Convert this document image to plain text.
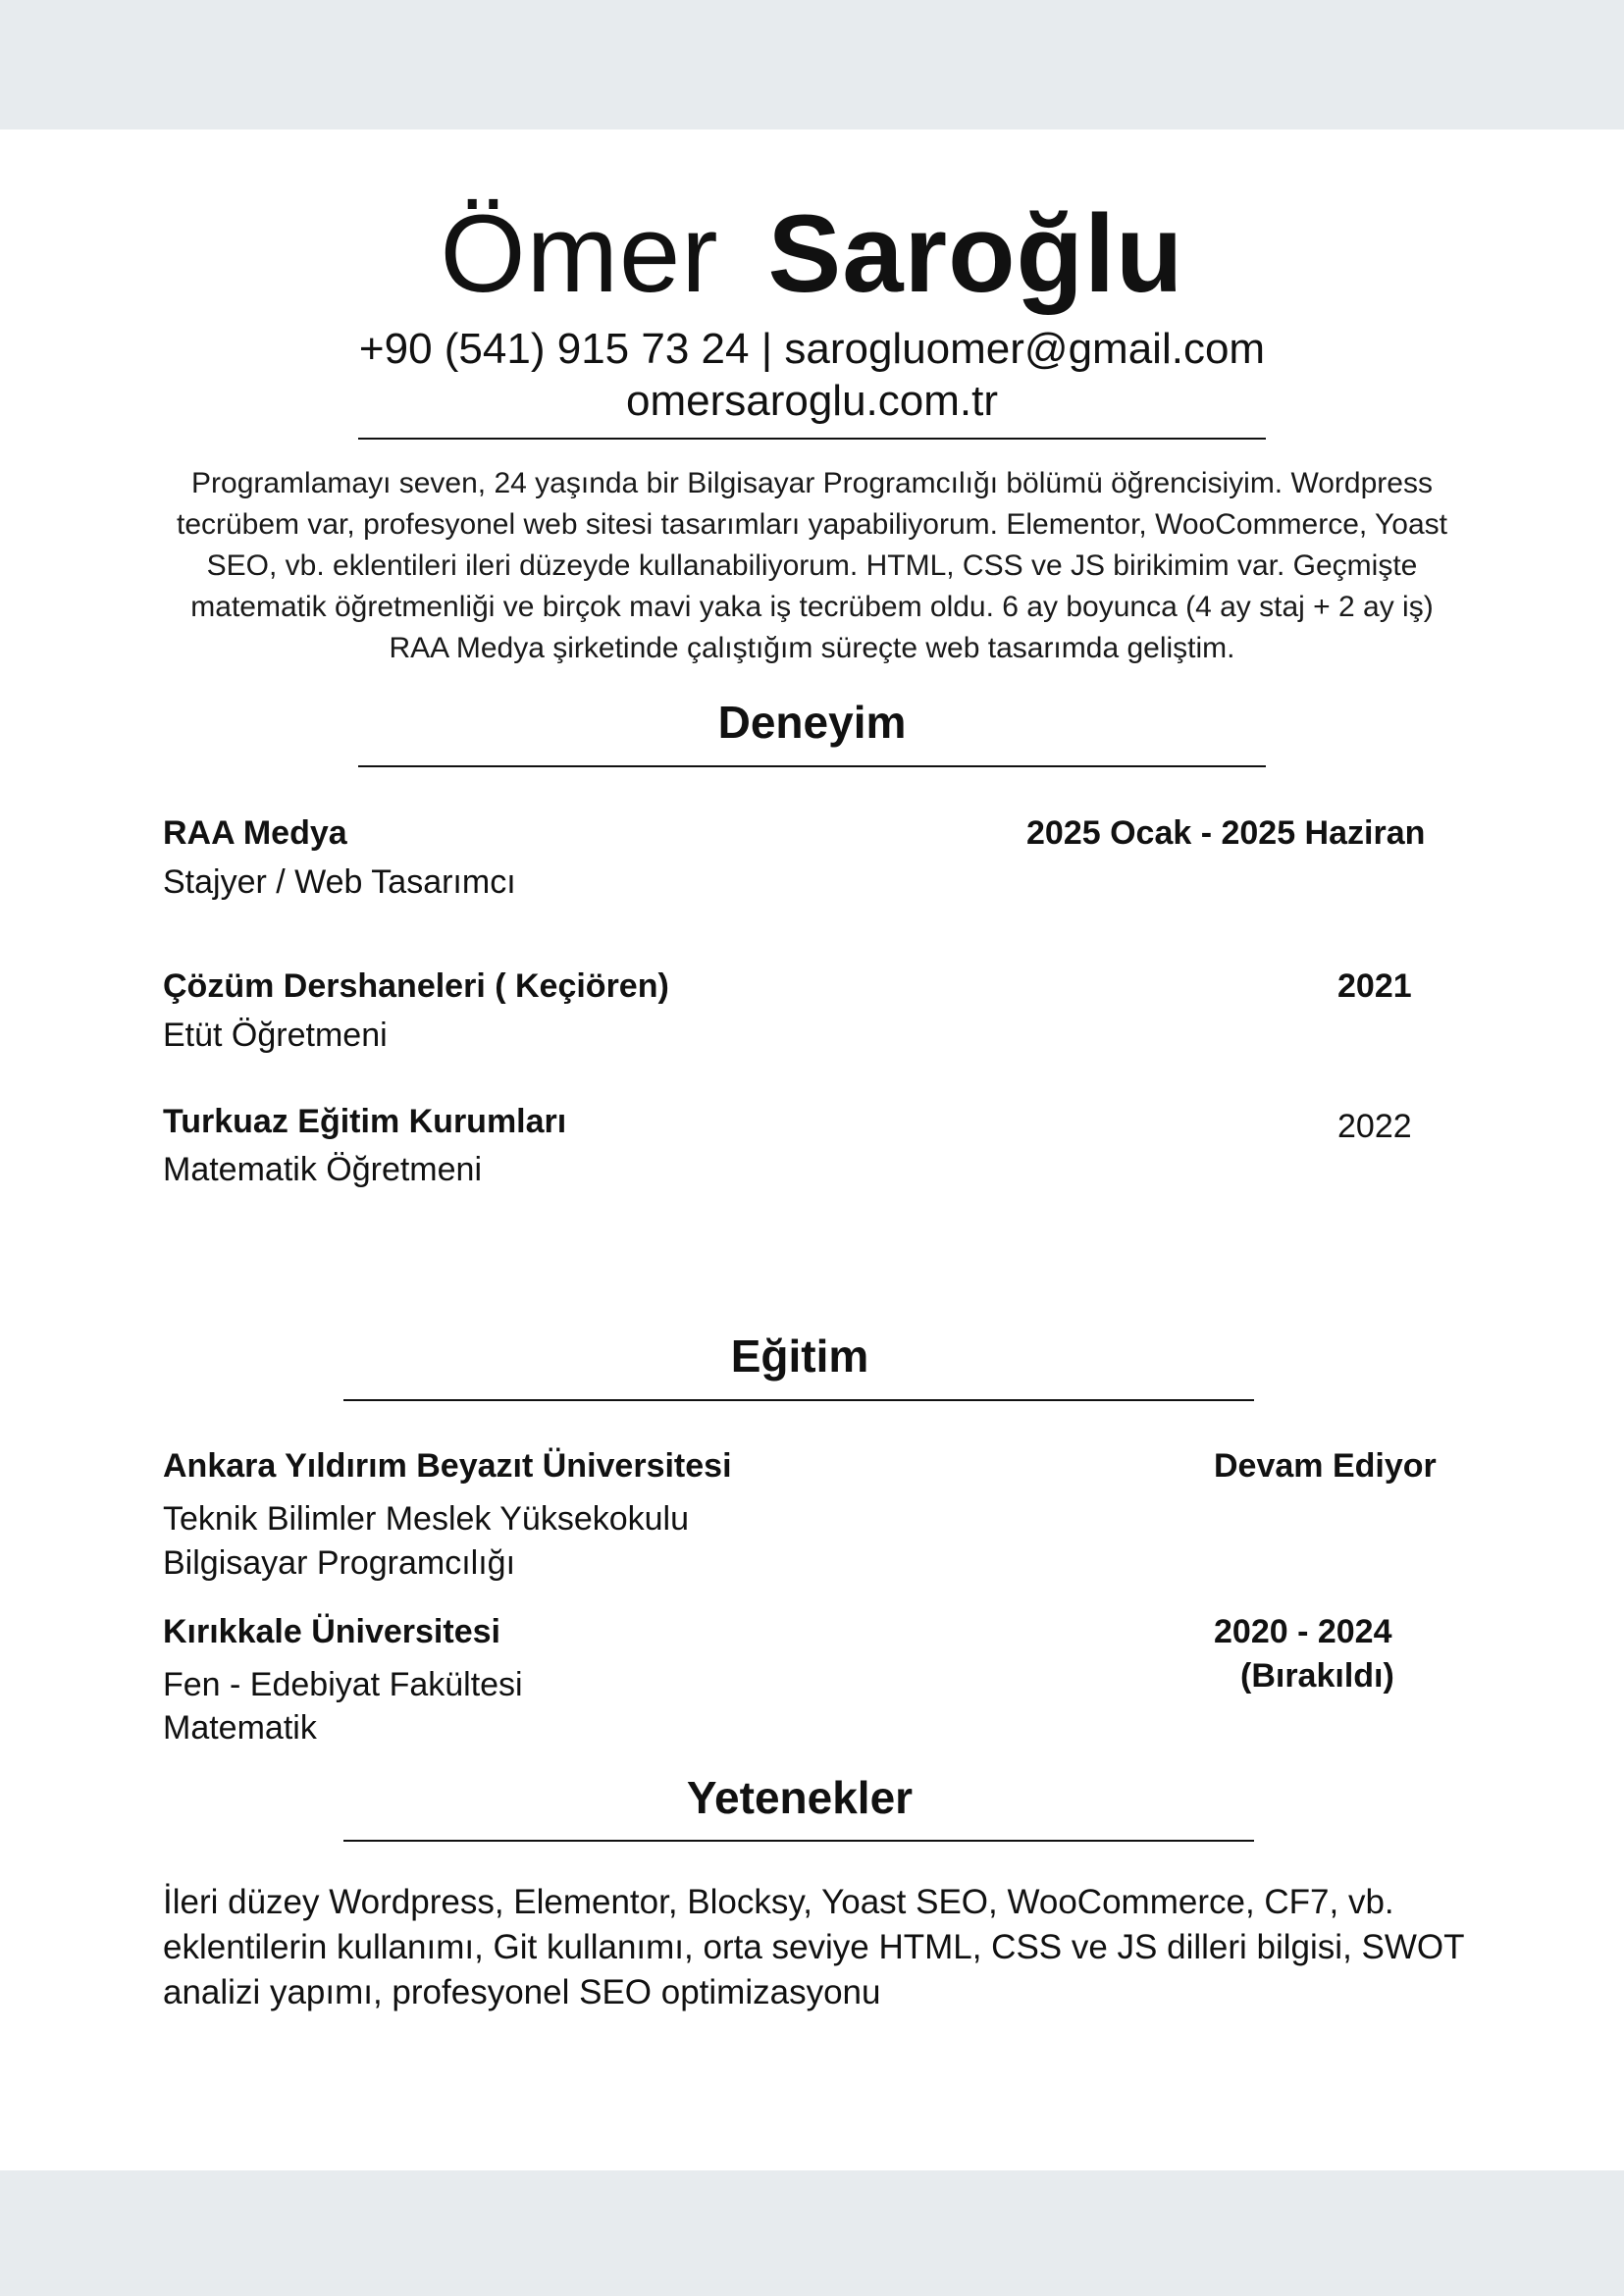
Ömer Saroğlu
+90 (541) 915 73 24 | sarogluomer@gmail.com
omersaroglu.com.tr
Programlamayı seven, 24 yaşında bir Bilgisayar Programcılığı bölümü öğrencisiyim. Wordpress tecrübem var, profesyonel web sitesi tasarımları yapabiliyorum. Elementor, WooCommerce, Yoast SEO, vb. eklentileri ileri düzeyde kullanabiliyorum. HTML, CSS ve JS birikimim var. Geçmişte matematik öğretmenliği ve birçok mavi yaka iş tecrübem oldu. 6 ay boyunca (4 ay staj + 2 ay iş) RAA Medya şirketinde çalıştığım süreçte web tasarımda geliştim.
Deneyim
RAA Medya	2025 Ocak - 2025 Haziran
Stajyer / Web Tasarımcı
Çözüm Dershaneleri ( Keçiören)	2021
Etüt Öğretmeni
Turkuaz Eğitim Kurumları	2022
Matematik Öğretmeni
Eğitim
Ankara Yıldırım Beyazıt Üniversitesi	Devam Ediyor
Teknik Bilimler Meslek Yüksekokulu
Bilgisayar Programcılığı
Kırıkkale Üniversitesi	2020 - 2024
(Bırakıldı)
Fen - Edebiyat Fakültesi
Matematik
Yetenekler
İleri düzey Wordpress, Elementor, Blocksy, Yoast SEO, WooCommerce, CF7, vb. eklentilerin kullanımı, Git kullanımı, orta seviye HTML, CSS ve JS dilleri bilgisi, SWOT analizi yapımı, profesyonel SEO optimizasyonu
